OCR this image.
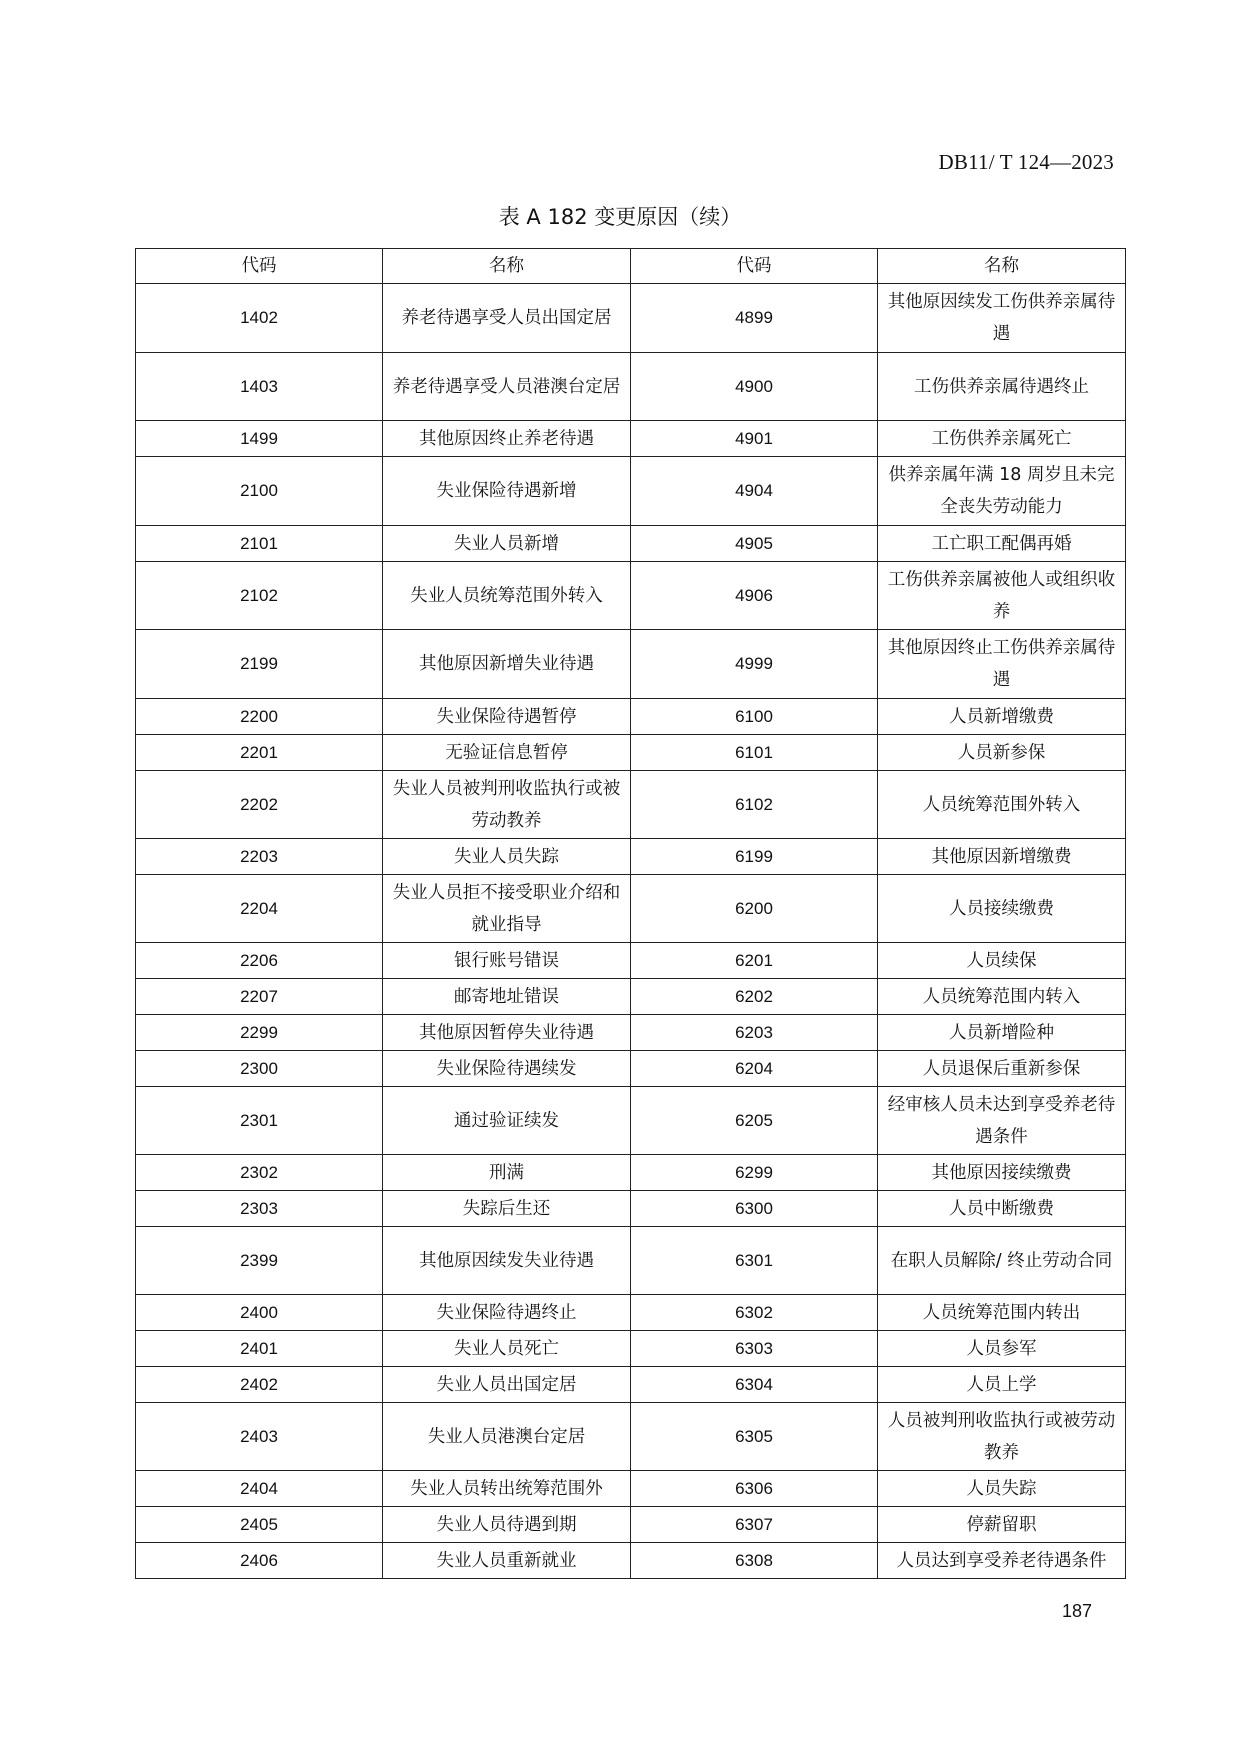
DB11/ T 124—2023
表 A 182 变更原因（续）
代码	名称	代码	名称
1402	养老待遇享受人员出国定居	4899	其他原因续发工伤供养亲属待遇
1403	养老待遇享受人员港澳台定居	4900	工伤供养亲属待遇终止
1499	其他原因终止养老待遇	4901	工伤供养亲属死亡
2100	失业保险待遇新增	4904	供养亲属年满 18 周岁且未完全丧失劳动能力
2101	失业人员新增	4905	工亡职工配偶再婚
2102	失业人员统筹范围外转入	4906	工伤供养亲属被他人或组织收养
2199	其他原因新增失业待遇	4999	其他原因终止工伤供养亲属待遇
2200	失业保险待遇暂停	6100	人员新增缴费
2201	无验证信息暂停	6101	人员新参保
2202	失业人员被判刑收监执行或被劳动教养	6102	人员统筹范围外转入
2203	失业人员失踪	6199	其他原因新增缴费
2204	失业人员拒不接受职业介绍和就业指导	6200	人员接续缴费
2206	银行账号错误	6201	人员续保
2207	邮寄地址错误	6202	人员统筹范围内转入
2299	其他原因暂停失业待遇	6203	人员新增险种
2300	失业保险待遇续发	6204	人员退保后重新参保
2301	通过验证续发	6205	经审核人员未达到享受养老待遇条件
2302	刑满	6299	其他原因接续缴费
2303	失踪后生还	6300	人员中断缴费
2399	其他原因续发失业待遇	6301	在职人员解除/ 终止劳动合同
2400	失业保险待遇终止	6302	人员统筹范围内转出
2401	失业人员死亡	6303	人员参军
2402	失业人员出国定居	6304	人员上学
2403	失业人员港澳台定居	6305	人员被判刑收监执行或被劳动教养
2404	失业人员转出统筹范围外	6306	人员失踪
2405	失业人员待遇到期	6307	停薪留职
2406	失业人员重新就业	6308	人员达到享受养老待遇条件
187
